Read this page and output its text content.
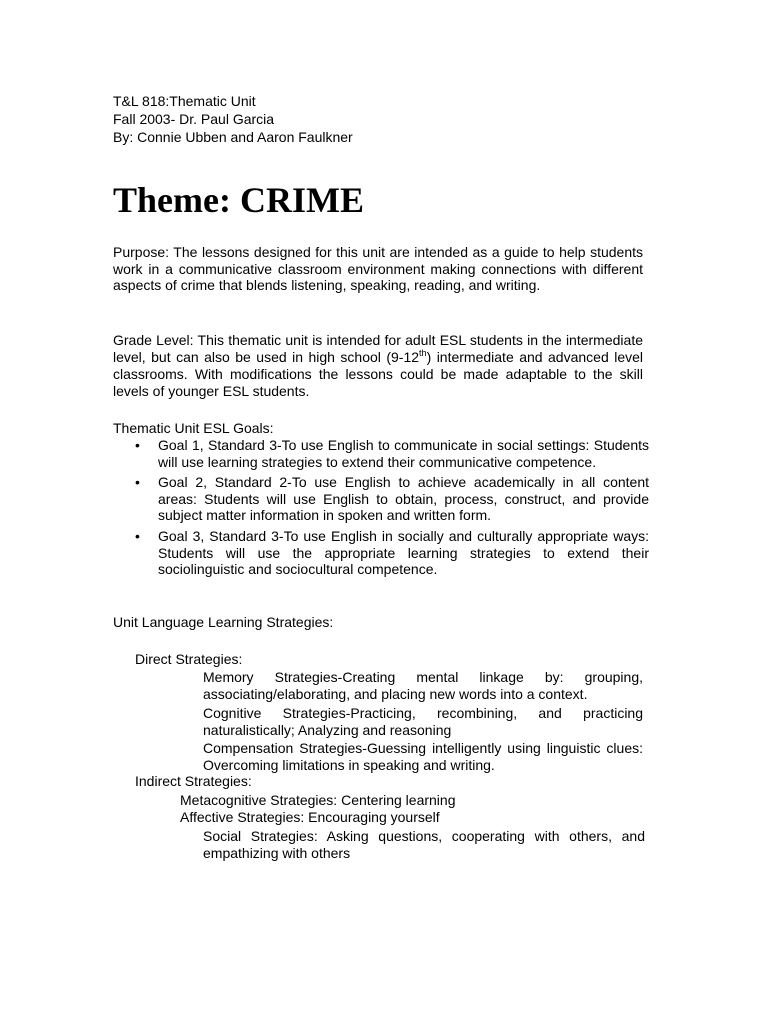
T&L 818:Thematic Unit
Fall 2003- Dr. Paul Garcia
By: Connie Ubben and Aaron Faulkner
Theme: CRIME

Purpose: The lessons designed for this unit are intended as a guide to help students work in a communicative classroom environment making connections with different aspects of crime that blends listening, speaking, reading, and writing.

Grade Level: This thematic unit is intended for adult ESL students in the intermediate level, but can also be used in high school (9-12th) intermediate and advanced level classrooms. With modifications the lessons could be made adaptable to the skill levels of younger ESL students.

Thematic Unit ESL Goals:

• Goal 1, Standard 3-To use English to communicate in social settings: Students will use learning strategies to extend their communicative competence.
• Goal 2, Standard 2-To use English to achieve academically in all content areas: Students will use English to obtain, process, construct, and provide subject matter information in spoken and written form.
• Goal 3, Standard 3-To use English in socially and culturally appropriate ways: Students will use the appropriate learning strategies to extend their sociolinguistic and sociocultural competence.

Unit Language Learning Strategies:

Direct Strategies:

Memory Strategies-Creating mental linkage by: grouping, associating/elaborating, and placing new words into a context.

Cognitive Strategies-Practicing, recombining, and practicing naturalistically; Analyzing and reasoning

Compensation Strategies-Guessing intelligently using linguistic clues: Overcoming limitations in speaking and writing.

Indirect Strategies:

Metacognitive Strategies: Centering learning

Affective Strategies: Encouraging yourself

Social Strategies: Asking questions, cooperating with others, and empathizing with others
